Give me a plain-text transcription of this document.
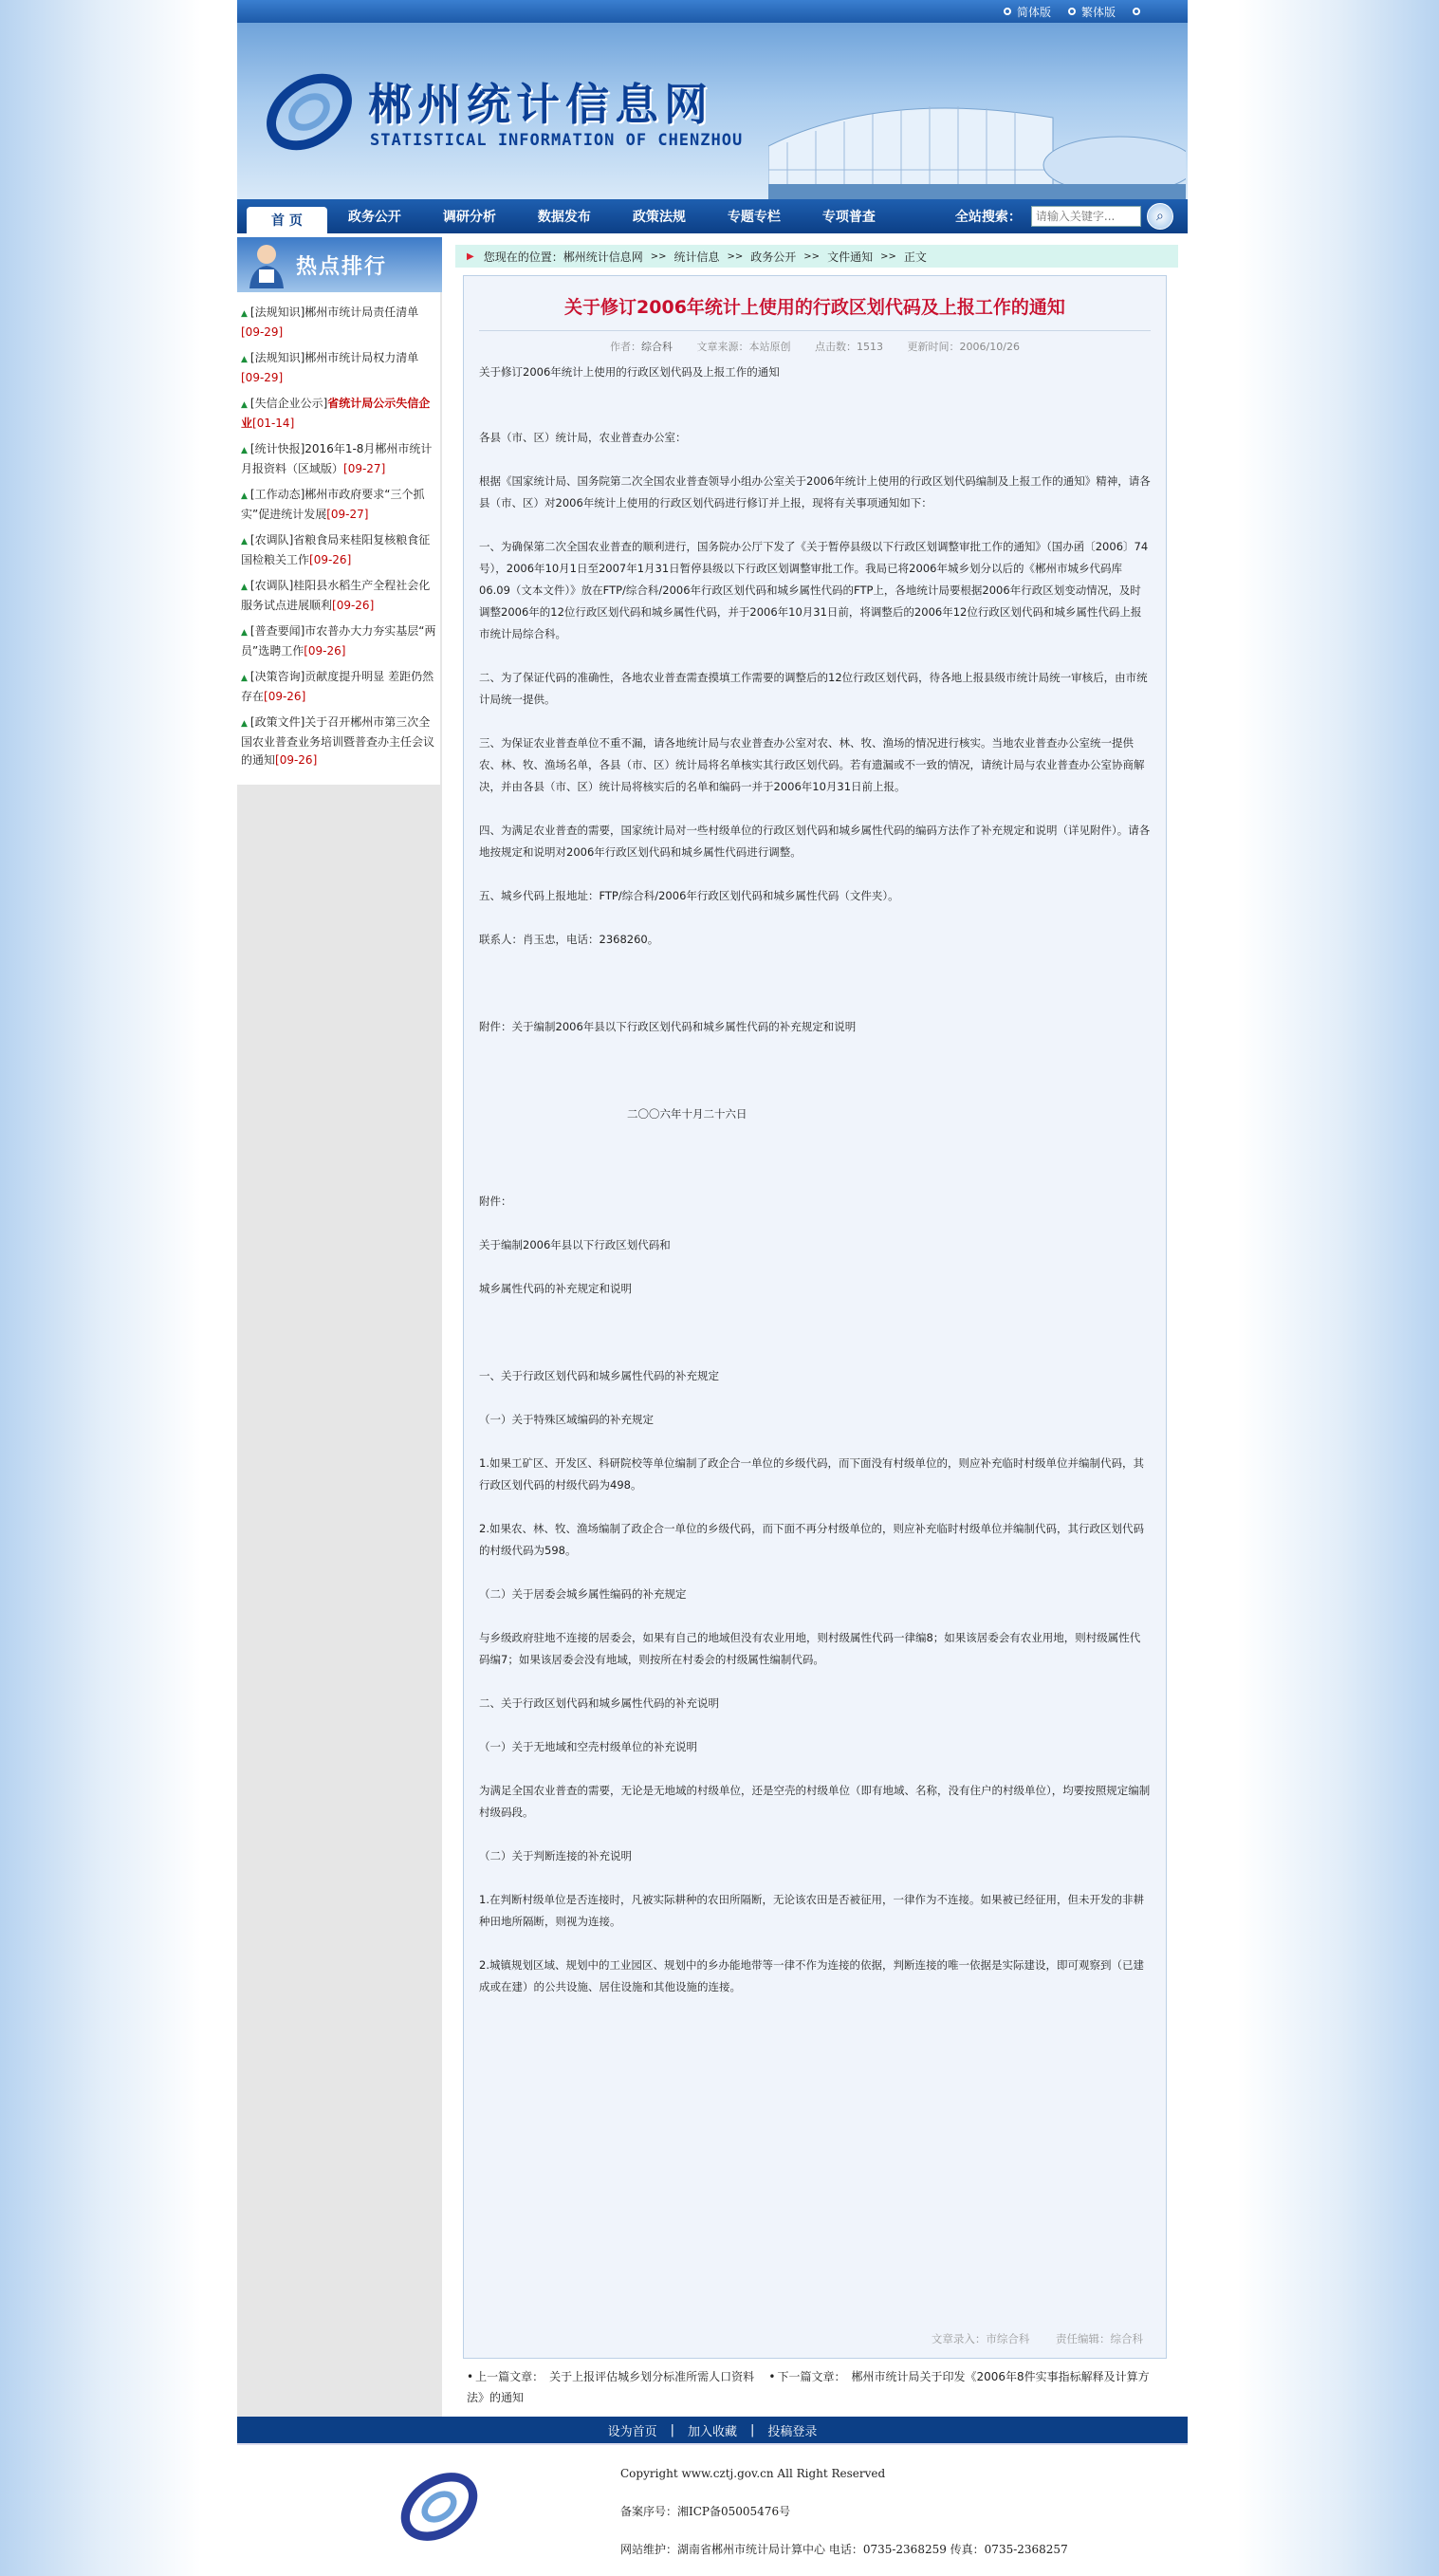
简体版	繁体版
郴州统计信息网
STATISTICAL INFORMATION OF CHENZHOU
首 页	政务公开	调研分析	数据发布	政策法规	专题专栏	专项普查	全站搜索：
请输入关键字...	⌕
热点排行
▲ [法规知识]郴州市统计局责任清单[09-29]
▲ [法规知识]郴州市统计局权力清单[09-29]
▲ [失信企业公示]省统计局公示失信企业[01-14]
▲ [统计快报]2016年1-8月郴州市统计月报资料（区域版）[09-27]
▲ [工作动态]郴州市政府要求“三个抓实”促进统计发展[09-27]
▲ [农调队]省粮食局来桂阳复核粮食征国检粮关工作[09-26]
▲ [农调队]桂阳县水稻生产全程社会化服务试点进展顺利[09-26]
▲ [普查要闻]市农普办大力夯实基层“两员”选聘工作[09-26]
▲ [决策咨询]贡献度提升明显 差距仍然存在[09-26]
▲ [政策文件]关于召开郴州市第三次全国农业普查业务培训暨普查办主任会议的通知[09-26]
▶ 您现在的位置： 郴州统计信息网 >> 统计信息 >> 政务公开 >> 文件通知 >> 正文
关于修订2006年统计上使用的行政区划代码及上报工作的通知
作者：综合科 文章来源：本站原创 点击数：1513 更新时间：2006/10/26

关于修订2006年统计上使用的行政区划代码及上报工作的通知

各县（市、区）统计局，农业普查办公室：

根据《国家统计局、国务院第二次全国农业普查领导小组办公室关于2006年统计上使用的行政区划代码编制及上报工作的通知》精神，请各县（市、区）对2006年统计上使用的行政区划代码进行修订并上报，现将有关事项通知如下：

一、为确保第二次全国农业普查的顺利进行，国务院办公厅下发了《关于暂停县级以下行政区划调整审批工作的通知》（国办函〔2006〕74号），2006年10月1日至2007年1月31日暂停县级以下行政区划调整审批工作。我局已将2006年城乡划分以后的《郴州市城乡代码库06.09（文本文件）》放在FTP/综合科/2006年行政区划代码和城乡属性代码的FTP上，各地统计局要根据2006年行政区划变动情况，及时调整2006年的12位行政区划代码和城乡属性代码，并于2006年10月31日前，将调整后的2006年12位行政区划代码和城乡属性代码上报市统计局综合科。

二、为了保证代码的准确性，各地农业普查需查摸填工作需要的调整后的12位行政区划代码，待各地上报县级市统计局统一审核后，由市统计局统一提供。

三、为保证农业普查单位不重不漏，请各地统计局与农业普查办公室对农、林、牧、渔场的情况进行核实。当地农业普查办公室统一提供农、林、牧、渔场名单，各县（市、区）统计局将名单核实其行政区划代码。若有遗漏或不一致的情况，请统计局与农业普查办公室协商解决，并由各县（市、区）统计局将核实后的名单和编码一并于2006年10月31日前上报。

四、为满足农业普查的需要，国家统计局对一些村级单位的行政区划代码和城乡属性代码的编码方法作了补充规定和说明（详见附件）。请各地按规定和说明对2006年行政区划代码和城乡属性代码进行调整。

五、城乡代码上报地址：FTP/综合科/2006年行政区划代码和城乡属性代码（文件夹）。

联系人：肖玉忠，电话：2368260。

附件：关于编制2006年县以下行政区划代码和城乡属性代码的补充规定和说明

二〇〇六年十月二十六日

附件：

关于编制2006年县以下行政区划代码和

城乡属性代码的补充规定和说明

一、关于行政区划代码和城乡属性代码的补充规定

（一）关于特殊区域编码的补充规定

1.如果工矿区、开发区、科研院校等单位编制了政企合一单位的乡级代码，而下面没有村级单位的，则应补充临时村级单位并编制代码，其行政区划代码的村级代码为498。

2.如果农、林、牧、渔场编制了政企合一单位的乡级代码，而下面不再分村级单位的，则应补充临时村级单位并编制代码，其行政区划代码的村级代码为598。

（二）关于居委会城乡属性编码的补充规定

与乡级政府驻地不连接的居委会，如果有自己的地域但没有农业用地，则村级属性代码一律编8；如果该居委会有农业用地，则村级属性代码编7；如果该居委会没有地域，则按所在村委会的村级属性编制代码。

二、关于行政区划代码和城乡属性代码的补充说明

（一）关于无地域和空壳村级单位的补充说明

为满足全国农业普查的需要，无论是无地域的村级单位，还是空壳的村级单位（即有地域、名称，没有住户的村级单位），均要按照规定编制村级码段。

（二）关于判断连接的补充说明

1.在判断村级单位是否连接时，凡被实际耕种的农田所隔断，无论该农田是否被征用，一律作为不连接。如果被已经征用，但未开发的非耕种田地所隔断，则视为连接。

2.城镇规划区域、规划中的工业园区、规划中的乡办能地带等一律不作为连接的依据，判断连接的唯一依据是实际建设，即可观察到（已建成或在建）的公共设施、居住设施和其他设施的连接。

文章录入：市综合科 责任编辑：综合科
• 上一篇文章： 关于上报评估城乡划分标准所需人口资料 • 下一篇文章： 郴州市统计局关于印发《2006年8件实事指标解释及计算方法》的通知
设为首页 | 加入收藏 | 投稿登录
Copyright www.cztj.gov.cn All Right Reserved
备案序号：湘ICP备05005476号
网站维护：湖南省郴州市统计局计算中心 电话：0735-2368259 传真：0735-2368257
